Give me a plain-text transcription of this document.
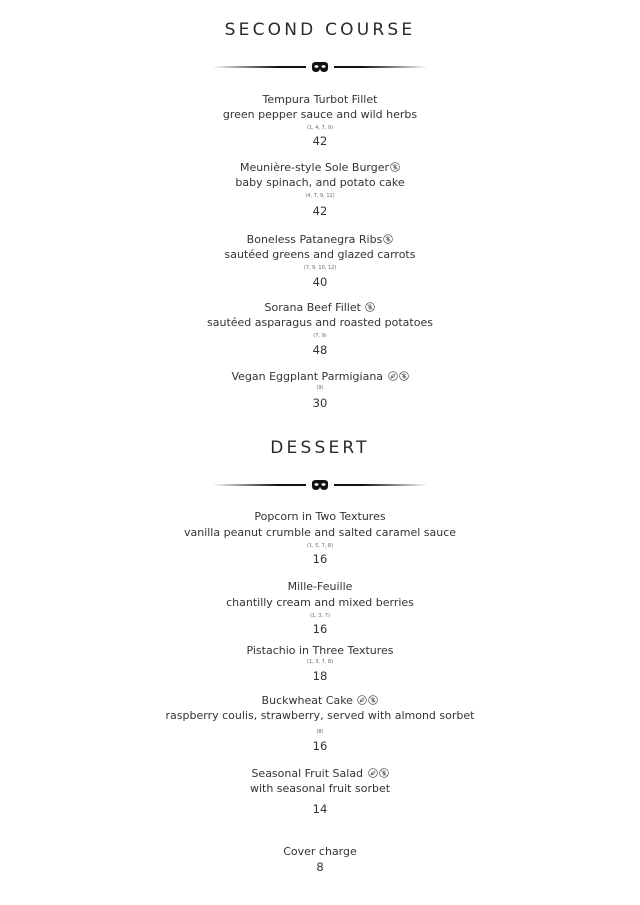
SECOND COURSE
Tempura Turbot Fillet
green pepper sauce and wild herbs
(1, 4, 7, 9)
42
Meunière-style Sole Burger
baby spinach, and potato cake
(4, 7, 9, 12)
42
Boneless Patanegra Ribs
sautéed greens and glazed carrots
(7, 9, 10, 12)
40
Sorana Beef Fillet
sautéed asparagus and roasted potatoes
(7, 9)
48
Vegan Eggplant Parmigiana
(9)
30
DESSERT
Popcorn in Two Textures
vanilla peanut crumble and salted caramel sauce
(1, 5, 7, 8)
16
Mille-Feuille
chantilly cream and mixed berries
(1, 3, 7)
16
Pistachio in Three Textures
(1, 3, 7, 8)
18
Buckwheat Cake
raspberry coulis, strawberry, served with almond sorbet
(8)
16
Seasonal Fruit Salad
with seasonal fruit sorbet
14
Cover charge
8
